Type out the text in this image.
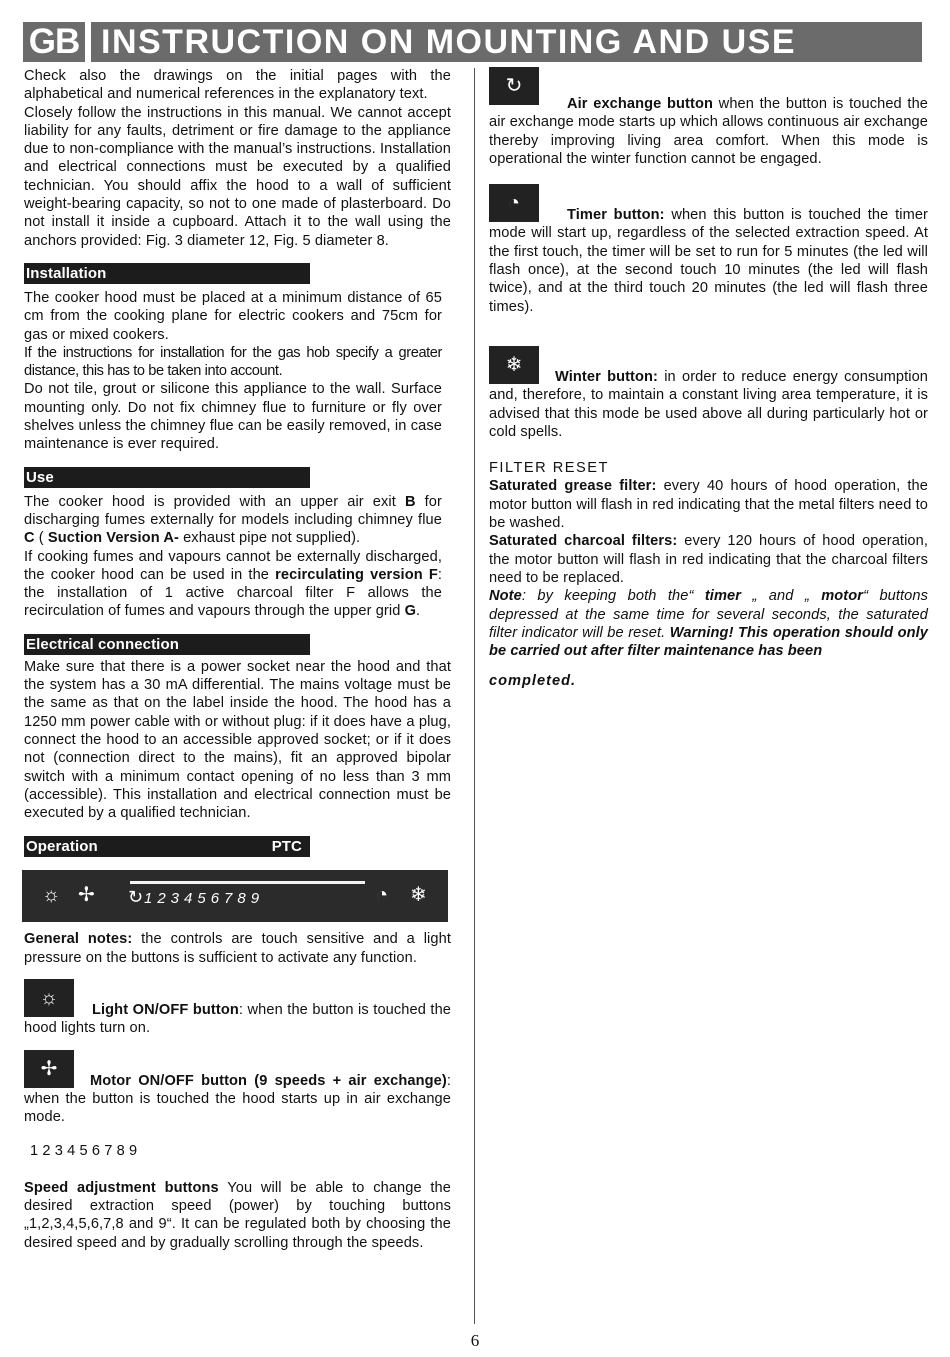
GB INSTRUCTION ON MOUNTING AND USE

Check also the drawings on the initial pages with the alphabetical and numerical references in the explanatory text.

Closely follow the instructions in this manual. We cannot accept liability for any faults, detriment or fire damage to the appliance due to non-compliance with the manual’s instructions. Installation and electrical connections must be executed by a qualified technician. You should affix the hood to a wall of sufficient weight-bearing capacity, so not to one made of plasterboard. Do not install it inside a cupboard. Attach it to the wall using the anchors provided: Fig. 3 diameter 12, Fig. 5 diameter 8.

Installation

The cooker hood must be placed at a minimum distance of 65 cm from the cooking plane for electric cookers and 75cm for gas or mixed cookers.

If the instructions for installation for the gas hob specify a greater distance, this has to be taken into account.

Do not tile, grout or silicone this appliance to the wall. Surface mounting only. Do not fix chimney flue to furniture or fly over shelves unless the chimney flue can be easily removed, in case maintenance is ever required.

Use

The cooker hood is provided with an upper air exit B for discharging fumes externally for models including chimney flue C ( Suction Version A- exhaust pipe not supplied).

If cooking fumes and vapours cannot be externally discharged, the cooker hood can be used in the recirculating version F: the installation of 1 active charcoal filter F allows the recirculation of fumes and vapours through the upper grid G.

Electrical connection

Make sure that there is a power socket near the hood and that the system has a 30 mA differential. The mains voltage must be the same as that on the label inside the hood. The hood has a 1250 mm power cable with or without plug: if it does have a plug, connect the hood to an accessible approved socket; or if it does not (connection direct to the mains), fit an approved bipolar switch with a minimum contact opening of no less than 3 mm (accessible). This installation and electrical connection must be executed by a qualified technician.

Operation	PTC
☼ ✢ ↻ 123456789	◔ ❄

General notes: the controls are touch sensitive and a light pressure on the buttons is sufficient to activate any function.

☼

Light ON/OFF button: when the button is touched the hood lights turn on.

✢

Motor ON/OFF button (9 speeds + air exchange): when the button is touched the hood starts up in air exchange mode.

1 2 3 4 5 6 7 8 9

Speed adjustment buttons You will be able to change the desired extraction speed (power) by touching buttons „1,2,3,4,5,6,7,8 and 9“. It can be regulated both by choosing the desired speed and by gradually scrolling through the speeds.

↻

Air exchange button when the button is touched the air exchange mode starts up which allows continuous air exchange thereby improving living area comfort. When this mode is operational the winter function cannot be engaged.

◔

Timer button: when this button is touched the timer mode will start up, regardless of the selected extraction speed. At the first touch, the timer will be set to run for 5 minutes (the led will flash once), at the second touch 10 minutes (the led will flash twice), and at the third touch 20 minutes (the led will flash three times).

❄

Winter button: in order to reduce energy consumption and, therefore, to maintain a constant living area temperature, it is advised that this mode be used above all during particularly hot or cold spells.

FILTER RESET

Saturated grease filter: every 40 hours of hood operation, the motor button will flash in red indicating that the metal filters need to be washed.

Saturated charcoal filters: every 120 hours of hood operation, the motor button will flash in red indicating that the charcoal filters need to be replaced.

Note: by keeping both the“ timer „ and „ motor“ buttons depressed at the same time for several seconds, the saturated filter indicator will be reset. Warning! This operation should only be carried out after filter maintenance has been

completed.

6
